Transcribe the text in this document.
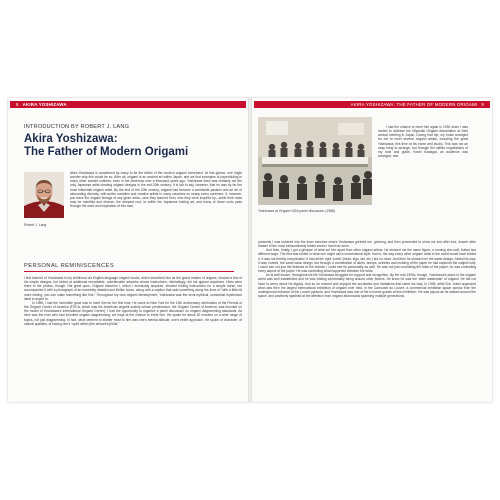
8 AKIRA YOSHIZAWA
INTRODUCTION BY ROBERT J. LANG
Akira Yoshizawa:
The Father of Modern Origami
Robert J. Lang

Akira Yoshizawa is considered by many to be the father of the modern origami movement. At first glance, one might wonder why this would be so. After all, origami is an ancient art within Japan, and we find examples of paperfolding in many other ancient cultures, even in the Americas over a thousand years ago. Yoshizawa lived was certainly not the only Japanese artist creating origami designs in the mid-20th century. It is fair to say, however, that he was by far the most influential origami artist. By the end of the 20th century, origami had become a worldwide passion and an art of astounding diversity, with active societies and creative artists in many countries on nearly every continent. If, however, you trace the origami lineage of any given artist—who they learned from, who they were inspired by—while their roots may be manifold and diverse, the deepest root, to within the Japanese folding art, and many of those roots pass through the work and inspiration of this man.

PERSONAL REMINISCENCES

I first learned of Yoshizawa in my childhood via English-language origami books, which described him as the grand master of origami, showed a few of his simple designs, but hinted at additional remarkable, unbelievable artworks whose instructions, infuriatingly, did not appear anywhere. Hints were there in the photos, though. His great opus, Origami dokuhon I, which I eventually acquired, showed folding instructions for a simple horse, but accompanied it with a photograph of an incredibly detailed and lifelike horse, along with a caption that said something along the lines of “with a little bit more folding, you can make something like this.” Throughout my own origami development, Yoshizawa was the semi-mythical, somewhat mysterious ideal to aspire to.

In 1988, I had the incredible good luck to meet him for the first time. He came to New York for the 10th anniversary celebration of the Friends of the Origami Center of America (FOCA, which was the American origami society whose predecessor, the Origami Center of America, was founded on the model of Yoshizawa’s International Origami Center). I had the opportunity to organize a panel discussion on origami diagramming standards. As here was the man who had invented origami diagramming, we leapt at the chance to invite him. He spoke for about 20 minutes on a wide range of topics, not just diagramming. In fact, what seemed to shatter most to him was one’s mental attitude, one’s entire approach. He spoke of character, of natural qualities, of having one’s “spirit within [the artwork’s] folds.”

AKIRA YOSHIZAWA: THE FATHER OF MODERN ORIGAMI 9
Yoshizawa at Origami USA panel discussion (1988)

I had the chance to meet him again in 1992 when I was invited to address the Miyazaki Origami Association at their annual meeting in Japan. During that trip, my hosts arranged for me to meet several origami artists, including the great Yoshizawa, this time at his home and studio. This was not an easy thing to arrange, but through the skillful negotiations of my host and guide, Koshi Kawagai, an audience was arranged, and

presently I was ushered into the inner sanctum where Yoshizawa greeted me, grinning, and then proceeded to show me box after box, drawer after drawer of the most extraordinarily folded works I had ever seen.

And then, finally, I got a glimpse of what set him apart from other origami artists. He showed me the same figure, a running she-wolf, folded two different ways. The first was folded in what one might call a conventional style, that is, the way every other origami artist in the world would have folded it. It was not terribly complicated. It had all the right “parts” (head, legs, tail, etc.) but no more. And then he showed me the same design, folded his way. It was, indeed, the same basic design, but through a combination of dents, bumps, wrinkles and molding of the paper he had captured the subject fully. I could see not just the features of the animal, I could see its personality as well. He was not just controlling the folds of the paper, he was controlling every aspect of the paper. He was controlling what happened between the folds.

As is well known, throughout his life Yoshizawa struggled for support and recognition. By the mid-1990s, though, Yoshizawa’s place in the origami world was well established and he was visiting comfortably being around other folders. He knew he was the ‘elder statesman’ of origami. He did not have to worry about his legacy. And so he relaxed and enjoyed the accolades and invitations that came his way. In 1998, artist Eric Joisel organized what was then the largest international exhibition of origami ever held, in the Carrousel du Louvre, a commercial exhibition space across from the underground entrance of the Louvre pyramid, and Yoshizawa was one of the honored guests at this exhibition. He was joyous as he walked around the space, and positively sparkled at the attention from origami aficionados spanning multiple generations.
